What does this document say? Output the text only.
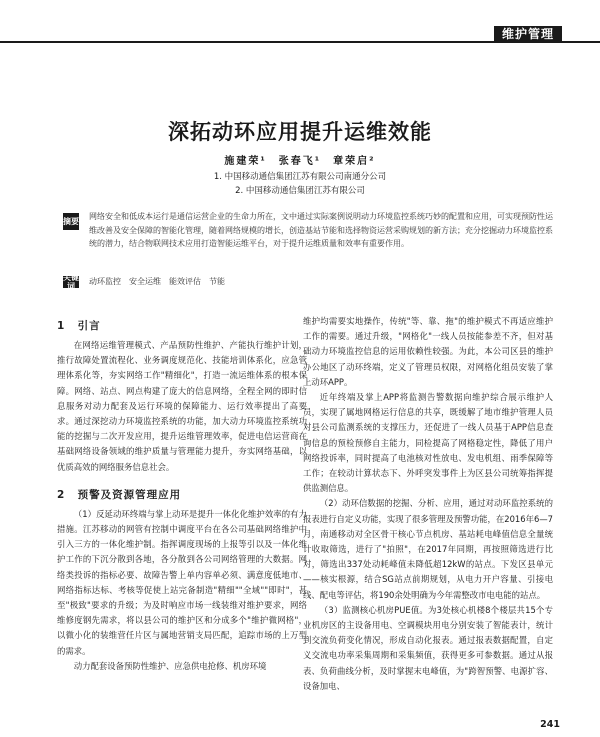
维护管理
深拓动环应用提升运维效能
施建荣¹　张春飞¹　章荣启²
1. 中国移动通信集团江苏有限公司南通分公司
2. 中国移动通信集团江苏有限公司
摘要
网络安全和低成本运行是通信运营企业的生命力所在，文中通过实际案例说明动力环境监控系统巧妙的配置和应用，可实现预防性运维改善及安全保障的智能化管理，随着网络规模的增长，创造基站节能和选择物资运营采购规划的新方法；充分挖掘动力环境监控系统的潜力，结合物联网技术应用打造智能运维平台，对于提升运维质量和效率有重要作用。
关键词
动环监控　安全运维　能效评估　节能
1 引言

在网络运维管理模式、产品预防性维护、产能执行维护计划，推行故障处置流程化、业务调度规范化、技能培训体系化，应急管理体系化等，夯实网络工作"精细化"，打造一流运维体系的根本保障。网络、站点、网点构建了庞大的信息网络，全程全网的即时信息服务对动力配套及运行环境的保障能力、运行效率提出了高要求。通过深挖动力环境监控系统的功能，加大动力环境监控系统功能的挖掘与二次开发应用，提升运维管理效率，促进电信运营商在基础网络设备领域的维护质量与管理能力提升，夯实网络基础，以优质高效的网络服务信息社会。

2 预警及资源管理应用

（1）反延动环终端与掌上动环是提升一体化化维护效率的有力措施。江苏移动的网管有控制中调度平台在各公司基础网络维护中引入三方的一体化维护制。指挥调度现场的上报等引以及一体化维护工作的下沉分散到各地，各分散到各公司网络管理的大数据。网络类投诉的指标必要、故障告警上单内容单必须、满意度低地市、网络指标达标、考核等促使上站完备制造"精细""全域""即时"，甚至"极致"要求的升级；为及时响应市场一线装维对维护要求，网络维修度钢先需求，将以县公司的维护区和分成多个"维护微网格"，以微小化的装维营任片区与属地营销支局匹配，追踪市场的上万型的需求。

动力配套设备预防性维护、应急供电抢修、机房环境

维护均需要实地操作，传统"等、靠、拖"的维护模式不再适应维护工作的需要。通过升级，"网格化"一线人员按能参差不齐，但对基础动力环境监控信息的运用依赖性较强。为此，本公司区县的维护办公地区了动环终端，定义了管理员权限，对网格化组员安装了掌上动环APP。

近年终端及掌上APP将监测告警数据向维护综合展示维护人员，实现了属地网格运行信息的共享，既缓解了地市维护管理人员对县公司监测系统的支撑压力，还促进了一线人员基于APP信息查询信息的预检预修自主能力，同检提高了网格稳定性，降低了用户网络投诉率，同时提高了电池核对性放电、发电机组、雨季保障等工作；在较动计算状态下、外呼突发事件上为区县公司统筹指挥提供监测信息。

（2）动环信数据的挖掘、分析、应用，通过对动环监控系统的报表进行自定义功能，实现了很多管理及预警功能，在2016年6—7月，南通移动对全区骨干核心节点机房、基站耗电峰值信息全量统计收取筛选，进行了"拍照"，在2017年同期，再按照筛选进行比对，筛选出337处动耗峰值未降低超12kW的站点。下发区县单元——核实根源，结合SG站点前期规划，从电力开户容量、引接电线、配电等评估，将190余处明确为今年需整改市电电能的站点。

（3）监测核心机房PUE值。为3处核心机楼8个楼层共15个专业机房区的主设备用电、空调模块用电分别安装了智能表计，统计到交流负荷变化情况，形成自动化报表。通过报表数据配置，自定义交流电功率采集周期和采集频值，获得更多可参数据。通过从报表、负荷曲线分析，及时掌握末电峰值，为"跨智预警、电源扩容、设备加电、

241
